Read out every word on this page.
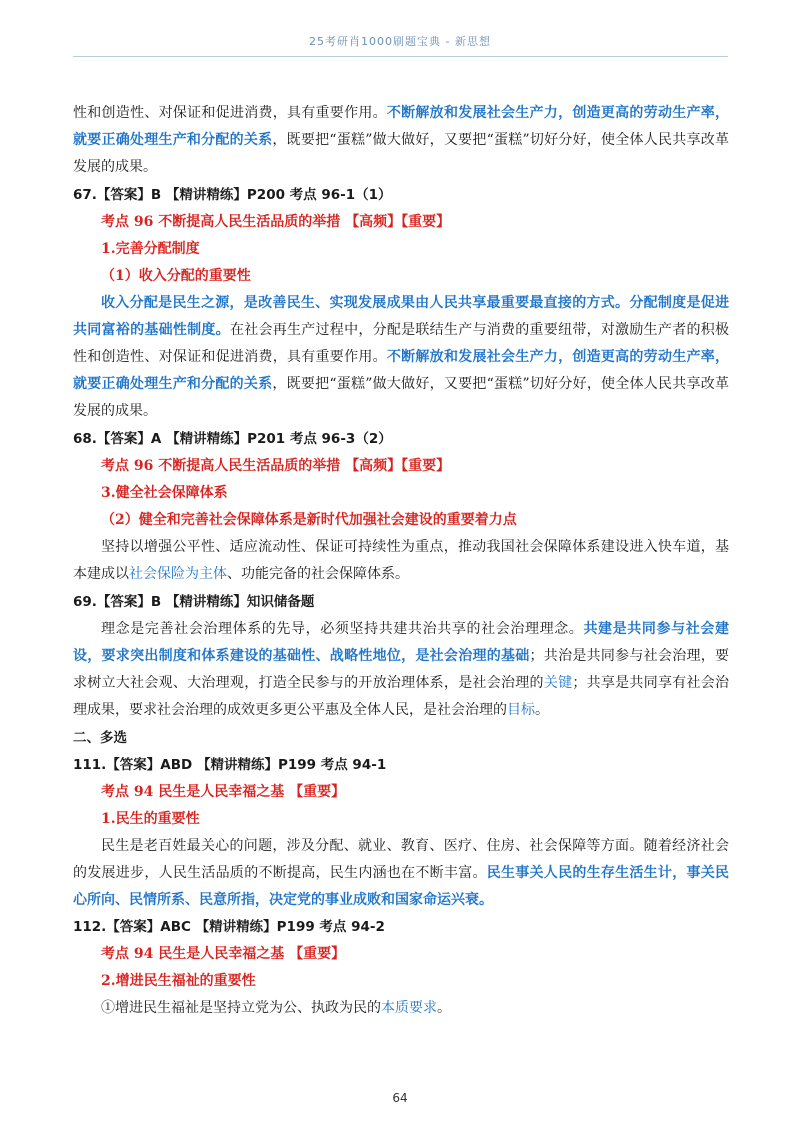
25考研肖1000刷题宝典 - 新思想

性和创造性、对保证和促进消费，具有重要作用。不断解放和发展社会生产力，创造更高的劳动生产率，就要正确处理生产和分配的关系，既要把“蛋糕”做大做好，又要把“蛋糕”切好分好，使全体人民共享改革发展的成果。

67.【答案】B 【精讲精练】P200 考点 96-1（1）

考点 96 不断提高人民生活品质的举措 【高频】【重要】

1.完善分配制度

（1）收入分配的重要性

收入分配是民生之源，是改善民生、实现发展成果由人民共享最重要最直接的方式。分配制度是促进共同富裕的基础性制度。在社会再生产过程中，分配是联结生产与消费的重要纽带，对激励生产者的积极性和创造性、对保证和促进消费，具有重要作用。不断解放和发展社会生产力，创造更高的劳动生产率，就要正确处理生产和分配的关系，既要把“蛋糕”做大做好，又要把“蛋糕”切好分好，使全体人民共享改革发展的成果。

68.【答案】A 【精讲精练】P201 考点 96-3（2）

考点 96 不断提高人民生活品质的举措 【高频】【重要】

3.健全社会保障体系

（2）健全和完善社会保障体系是新时代加强社会建设的重要着力点

坚持以增强公平性、适应流动性、保证可持续性为重点，推动我国社会保障体系建设进入快车道，基本建成以社会保险为主体、功能完备的社会保障体系。

69.【答案】B 【精讲精练】知识储备题

理念是完善社会治理体系的先导，必须坚持共建共治共享的社会治理理念。共建是共同参与社会建设，要求突出制度和体系建设的基础性、战略性地位，是社会治理的基础；共治是共同参与社会治理，要求树立大社会观、大治理观，打造全民参与的开放治理体系，是社会治理的关键；共享是共同享有社会治理成果，要求社会治理的成效更多更公平惠及全体人民，是社会治理的目标。

二、多选

111.【答案】ABD 【精讲精练】P199 考点 94-1

考点 94 民生是人民幸福之基 【重要】

1.民生的重要性

民生是老百姓最关心的问题，涉及分配、就业、教育、医疗、住房、社会保障等方面。随着经济社会的发展进步，人民生活品质的不断提高，民生内涵也在不断丰富。民生事关人民的生存生活生计，事关民心所向、民情所系、民意所指，决定党的事业成败和国家命运兴衰。

112.【答案】ABC 【精讲精练】P199 考点 94-2

考点 94 民生是人民幸福之基 【重要】

2.增进民生福祉的重要性

①增进民生福祉是坚持立党为公、执政为民的本质要求。

64
